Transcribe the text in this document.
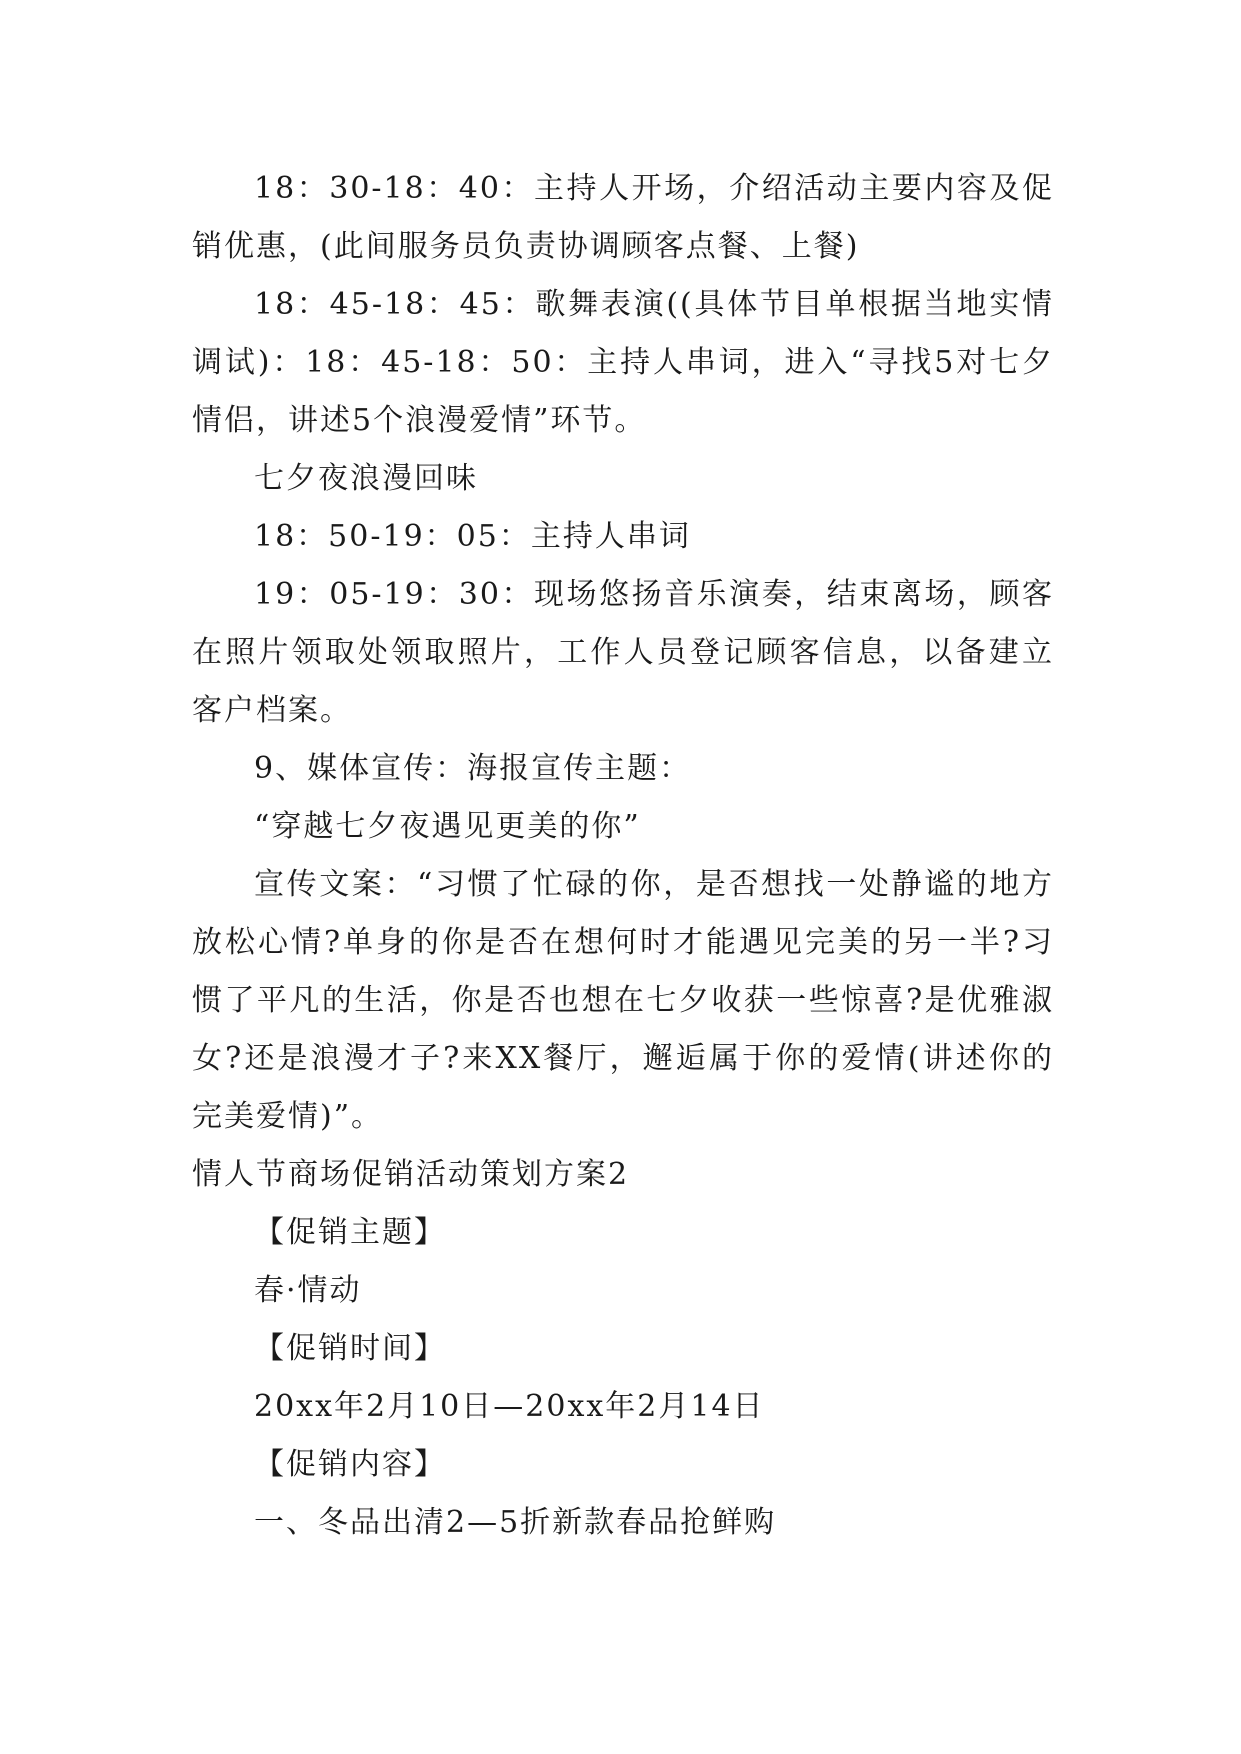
18：30-18：40：主持人开场，介绍活动主要内容及促销优惠，(此间服务员负责协调顾客点餐、上餐)

18：45-18：45：歌舞表演((具体节目单根据当地实情调试)：18：45-18：50：主持人串词，进入“寻找5对七夕情侣，讲述5个浪漫爱情”环节。

七夕夜浪漫回味

18：50-19：05：主持人串词

19：05-19：30：现场悠扬音乐演奏，结束离场，顾客在照片领取处领取照片，工作人员登记顾客信息，以备建立客户档案。

9、媒体宣传：海报宣传主题：

“穿越七夕夜遇见更美的你”

宣传文案：“习惯了忙碌的你，是否想找一处静谧的地方放松心情?单身的你是否在想何时才能遇见完美的另一半?习惯了平凡的生活，你是否也想在七夕收获一些惊喜?是优雅淑女?还是浪漫才子?来XX餐厅，邂逅属于你的爱情(讲述你的完美爱情)”。

情人节商场促销活动策划方案2

【促销主题】

春·情动

【促销时间】

20xx年2月10日—20xx年2月14日

【促销内容】

一、冬品出清2—5折新款春品抢鲜购
